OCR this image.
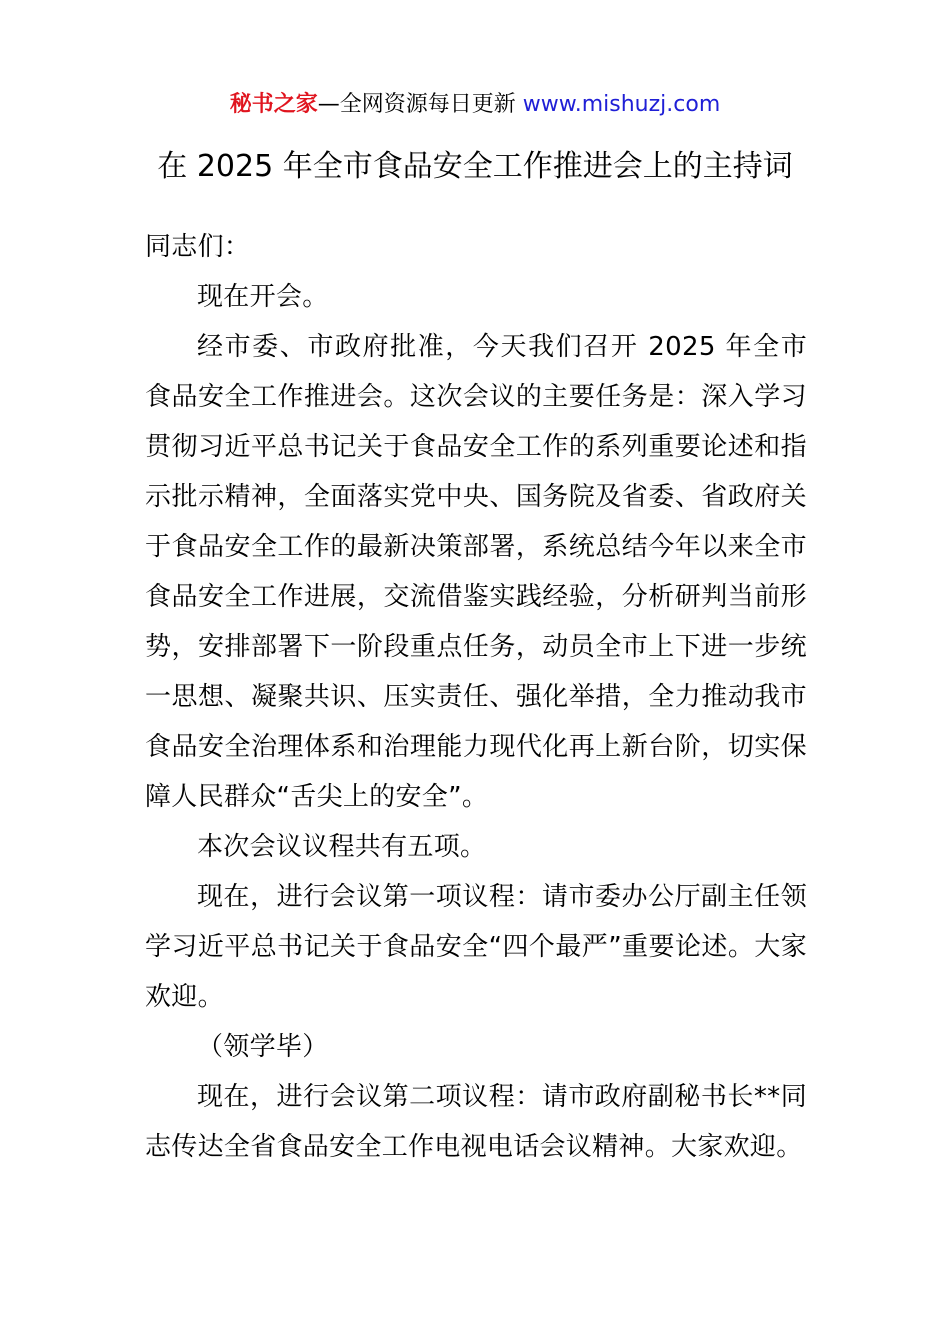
秘书之家—全网资源每日更新 www.mishuzj.com
在 2025 年全市食品安全工作推进会上的主持词

同志们：

现在开会。

经市委、市政府批准，今天我们召开 2025 年全市食品安全工作推进会。这次会议的主要任务是：深入学习贯彻习近平总书记关于食品安全工作的系列重要论述和指示批示精神，全面落实党中央、国务院及省委、省政府关于食品安全工作的最新决策部署，系统总结今年以来全市食品安全工作进展，交流借鉴实践经验，分析研判当前形势，安排部署下一阶段重点任务，动员全市上下进一步统一思想、凝聚共识、压实责任、强化举措，全力推动我市食品安全治理体系和治理能力现代化再上新台阶，切实保障人民群众“舌尖上的安全”。

本次会议议程共有五项。

现在，进行会议第一项议程：请市委办公厅副主任领学习近平总书记关于食品安全“四个最严”重要论述。大家欢迎。

（领学毕）

现在，进行会议第二项议程：请市政府副秘书长**同志传达全省食品安全工作电视电话会议精神。大家欢迎。
